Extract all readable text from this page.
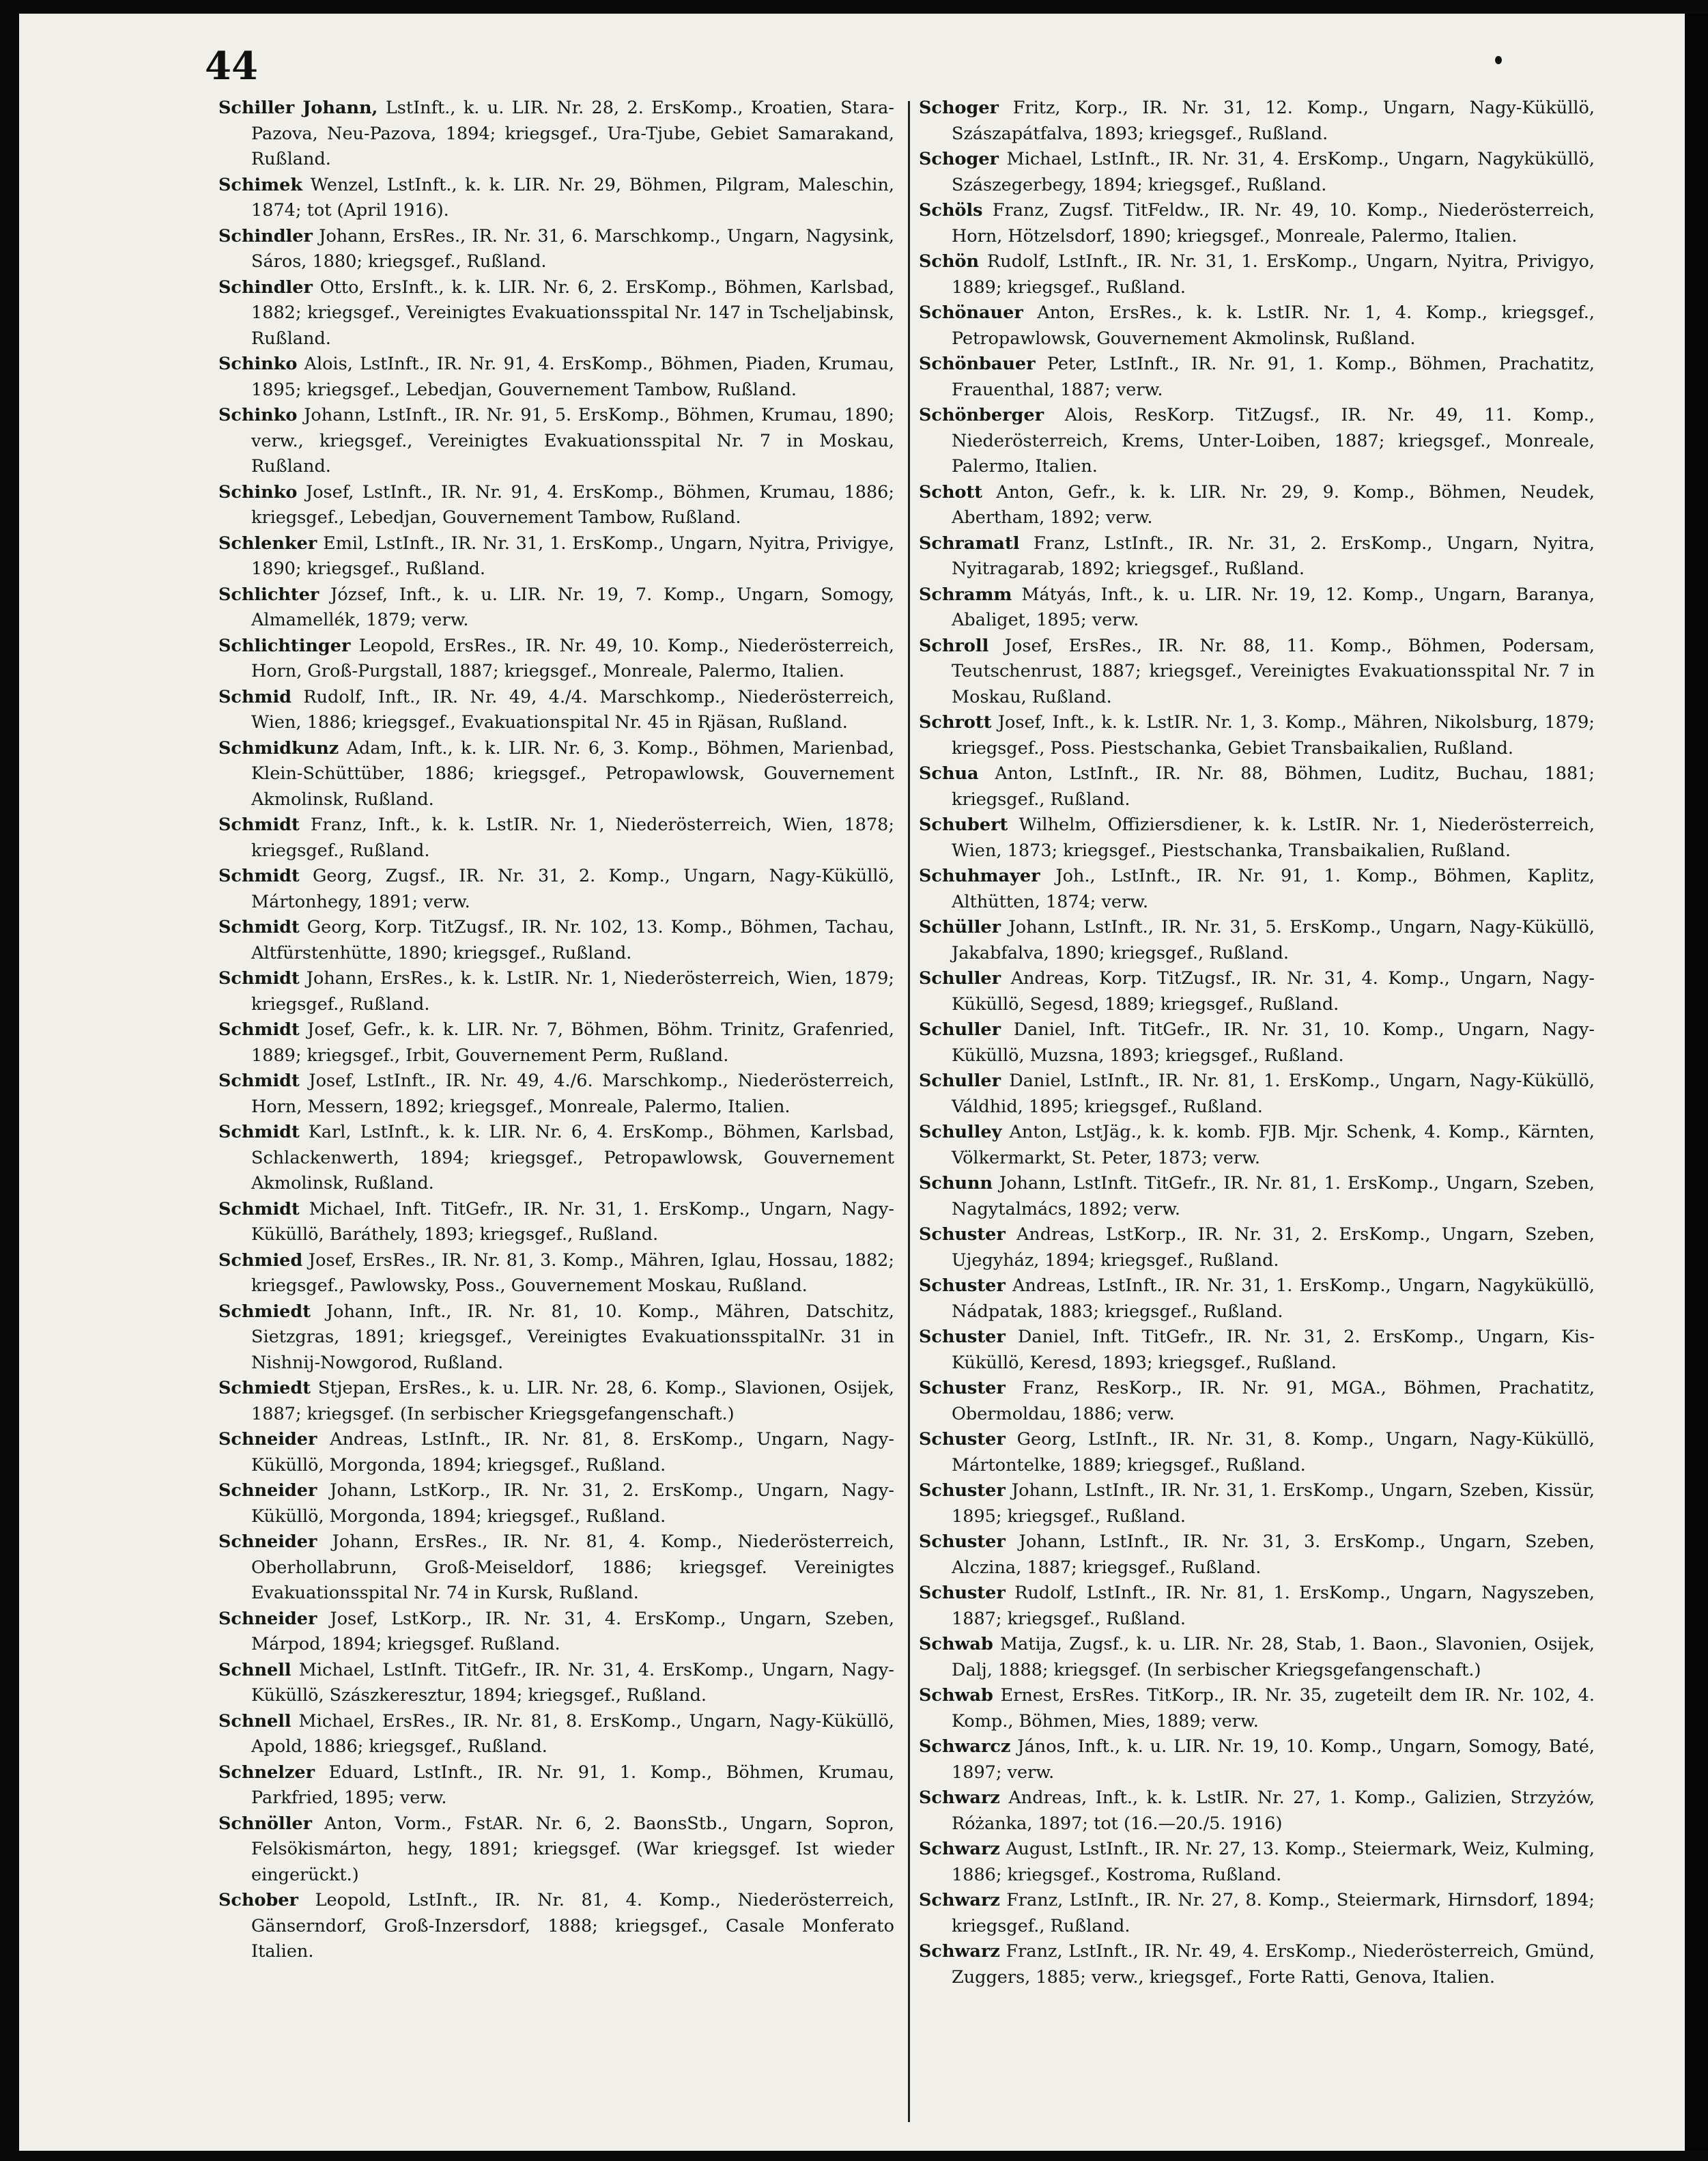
44

Schiller Johann, LstInft., k. u. LIR. Nr. 28, 2. ErsKomp., Kroatien, Stara-Pazova, Neu-Pazova, 1894; kriegsgef., Ura-Tjube, Gebiet Samarakand, Rußland.

Schimek Wenzel, LstInft., k. k. LIR. Nr. 29, Böhmen, Pilgram, Maleschin, 1874; tot (April 1916).

Schindler Johann, ErsRes., IR. Nr. 31, 6. Marschkomp., Ungarn, Nagysink, Sáros, 1880; kriegsgef., Rußland.

Schindler Otto, ErsInft., k. k. LIR. Nr. 6, 2. ErsKomp., Böhmen, Karlsbad, 1882; kriegsgef., Vereinigtes Evakuationsspital Nr. 147 in Tscheljabinsk, Rußland.

Schinko Alois, LstInft., IR. Nr. 91, 4. ErsKomp., Böhmen, Piaden, Krumau, 1895; kriegsgef., Lebedjan, Gouvernement Tambow, Rußland.

Schinko Johann, LstInft., IR. Nr. 91, 5. ErsKomp., Böhmen, Krumau, 1890; verw., kriegsgef., Vereinigtes Evakuationsspital Nr. 7 in Moskau, Rußland.

Schinko Josef, LstInft., IR. Nr. 91, 4. ErsKomp., Böhmen, Krumau, 1886; kriegsgef., Lebedjan, Gouvernement Tambow, Rußland.

Schlenker Emil, LstInft., IR. Nr. 31, 1. ErsKomp., Ungarn, Nyitra, Privigye, 1890; kriegsgef., Rußland.

Schlichter József, Inft., k. u. LIR. Nr. 19, 7. Komp., Ungarn, Somogy, Almamellék, 1879; verw.

Schlichtinger Leopold, ErsRes., IR. Nr. 49, 10. Komp., Niederösterreich, Horn, Groß-Purgstall, 1887; kriegsgef., Monreale, Palermo, Italien.

Schmid Rudolf, Inft., IR. Nr. 49, 4./4. Marschkomp., Niederösterreich, Wien, 1886; kriegsgef., Evakuationspital Nr. 45 in Rjäsan, Rußland.

Schmidkunz Adam, Inft., k. k. LIR. Nr. 6, 3. Komp., Böhmen, Marienbad, Klein-Schüttüber, 1886; kriegsgef., Petropawlowsk, Gouvernement Akmolinsk, Rußland.

Schmidt Franz, Inft., k. k. LstIR. Nr. 1, Niederösterreich, Wien, 1878; kriegsgef., Rußland.

Schmidt Georg, Zugsf., IR. Nr. 31, 2. Komp., Ungarn, Nagy-Küküllö, Mártonhegy, 1891; verw.

Schmidt Georg, Korp. TitZugsf., IR. Nr. 102, 13. Komp., Böhmen, Tachau, Altfürstenhütte, 1890; kriegsgef., Rußland.

Schmidt Johann, ErsRes., k. k. LstIR. Nr. 1, Niederösterreich, Wien, 1879; kriegsgef., Rußland.

Schmidt Josef, Gefr., k. k. LIR. Nr. 7, Böhmen, Böhm. Trinitz, Grafenried, 1889; kriegsgef., Irbit, Gouvernement Perm, Rußland.

Schmidt Josef, LstInft., IR. Nr. 49, 4./6. Marschkomp., Niederösterreich, Horn, Messern, 1892; kriegsgef., Monreale, Palermo, Italien.

Schmidt Karl, LstInft., k. k. LIR. Nr. 6, 4. ErsKomp., Böhmen, Karlsbad, Schlackenwerth, 1894; kriegsgef., Petropawlowsk, Gouvernement Akmolinsk, Rußland.

Schmidt Michael, Inft. TitGefr., IR. Nr. 31, 1. ErsKomp., Ungarn, Nagy-Küküllö, Baráthely, 1893; kriegsgef., Rußland.

Schmied Josef, ErsRes., IR. Nr. 81, 3. Komp., Mähren, Iglau, Hossau, 1882; kriegsgef., Pawlowsky, Poss., Gouvernement Moskau, Rußland.

Schmiedt Johann, Inft., IR. Nr. 81, 10. Komp., Mähren, Datschitz, Sietzgras, 1891; kriegsgef., Vereinigtes EvakuationsspitalNr. 31 in Nishnij-Nowgorod, Rußland.

Schmiedt Stjepan, ErsRes., k. u. LIR. Nr. 28, 6. Komp., Slavionen, Osijek, 1887; kriegsgef. (In serbischer Kriegsgefangenschaft.)

Schneider Andreas, LstInft., IR. Nr. 81, 8. ErsKomp., Ungarn, Nagy-Küküllö, Morgonda, 1894; kriegsgef., Rußland.

Schneider Johann, LstKorp., IR. Nr. 31, 2. ErsKomp., Ungarn, Nagy-Küküllö, Morgonda, 1894; kriegsgef., Rußland.

Schneider Johann, ErsRes., IR. Nr. 81, 4. Komp., Niederösterreich, Oberhollabrunn, Groß-Meiseldorf, 1886; kriegsgef. Vereinigtes Evakuationsspital Nr. 74 in Kursk, Rußland.

Schneider Josef, LstKorp., IR. Nr. 31, 4. ErsKomp., Ungarn, Szeben, Márpod, 1894; kriegsgef. Rußland.

Schnell Michael, LstInft. TitGefr., IR. Nr. 31, 4. ErsKomp., Ungarn, Nagy-Küküllö, Szászkeresztur, 1894; kriegsgef., Rußland.

Schnell Michael, ErsRes., IR. Nr. 81, 8. ErsKomp., Ungarn, Nagy-Küküllö, Apold, 1886; kriegsgef., Rußland.

Schnelzer Eduard, LstInft., IR. Nr. 91, 1. Komp., Böhmen, Krumau, Parkfried, 1895; verw.

Schnöller Anton, Vorm., FstAR. Nr. 6, 2. BaonsStb., Ungarn, Sopron, Felsökismárton, hegy, 1891; kriegsgef. (War kriegsgef. Ist wieder eingerückt.)

Schober Leopold, LstInft., IR. Nr. 81, 4. Komp., Niederösterreich, Gänserndorf, Groß-Inzersdorf, 1888; kriegsgef., Casale Monferato Italien.

Schoger Fritz, Korp., IR. Nr. 31, 12. Komp., Ungarn, Nagy-Küküllö, Szászapátfalva, 1893; kriegsgef., Rußland.

Schoger Michael, LstInft., IR. Nr. 31, 4. ErsKomp., Ungarn, Nagyküküllö, Szászegerbegy, 1894; kriegsgef., Rußland.

Schöls Franz, Zugsf. TitFeldw., IR. Nr. 49, 10. Komp., Niederösterreich, Horn, Hötzelsdorf, 1890; kriegsgef., Monreale, Palermo, Italien.

Schön Rudolf, LstInft., IR. Nr. 31, 1. ErsKomp., Ungarn, Nyitra, Privigyo, 1889; kriegsgef., Rußland.

Schönauer Anton, ErsRes., k. k. LstIR. Nr. 1, 4. Komp., kriegsgef., Petropawlowsk, Gouvernement Akmolinsk, Rußland.

Schönbauer Peter, LstInft., IR. Nr. 91, 1. Komp., Böhmen, Prachatitz, Frauenthal, 1887; verw.

Schönberger Alois, ResKorp. TitZugsf., IR. Nr. 49, 11. Komp., Niederösterreich, Krems, Unter-Loiben, 1887; kriegsgef., Monreale, Palermo, Italien.

Schott Anton, Gefr., k. k. LIR. Nr. 29, 9. Komp., Böhmen, Neudek, Abertham, 1892; verw.

Schramatl Franz, LstInft., IR. Nr. 31, 2. ErsKomp., Ungarn, Nyitra, Nyitragarab, 1892; kriegsgef., Rußland.

Schramm Mátyás, Inft., k. u. LIR. Nr. 19, 12. Komp., Ungarn, Baranya, Abaliget, 1895; verw.

Schroll Josef, ErsRes., IR. Nr. 88, 11. Komp., Böhmen, Podersam, Teutschenrust, 1887; kriegsgef., Vereinigtes Evakuationsspital Nr. 7 in Moskau, Rußland.

Schrott Josef, Inft., k. k. LstIR. Nr. 1, 3. Komp., Mähren, Nikolsburg, 1879; kriegsgef., Poss. Piestschanka, Gebiet Transbaikalien, Rußland.

Schua Anton, LstInft., IR. Nr. 88, Böhmen, Luditz, Buchau, 1881; kriegsgef., Rußland.

Schubert Wilhelm, Offiziersdiener, k. k. LstIR. Nr. 1, Niederösterreich, Wien, 1873; kriegsgef., Piestschanka, Transbaikalien, Rußland.

Schuhmayer Joh., LstInft., IR. Nr. 91, 1. Komp., Böhmen, Kaplitz, Althütten, 1874; verw.

Schüller Johann, LstInft., IR. Nr. 31, 5. ErsKomp., Ungarn, Nagy-Küküllö, Jakabfalva, 1890; kriegsgef., Rußland.

Schuller Andreas, Korp. TitZugsf., IR. Nr. 31, 4. Komp., Ungarn, Nagy-Küküllö, Segesd, 1889; kriegsgef., Rußland.

Schuller Daniel, Inft. TitGefr., IR. Nr. 31, 10. Komp., Ungarn, Nagy-Küküllö, Muzsna, 1893; kriegsgef., Rußland.

Schuller Daniel, LstInft., IR. Nr. 81, 1. ErsKomp., Ungarn, Nagy-Küküllö, Váldhid, 1895; kriegsgef., Rußland.

Schulley Anton, LstJäg., k. k. komb. FJB. Mjr. Schenk, 4. Komp., Kärnten, Völkermarkt, St. Peter, 1873; verw.

Schunn Johann, LstInft. TitGefr., IR. Nr. 81, 1. ErsKomp., Ungarn, Szeben, Nagytalmács, 1892; verw.

Schuster Andreas, LstKorp., IR. Nr. 31, 2. ErsKomp., Ungarn, Szeben, Ujegyház, 1894; kriegsgef., Rußland.

Schuster Andreas, LstInft., IR. Nr. 31, 1. ErsKomp., Ungarn, Nagyküküllö, Nádpatak, 1883; kriegsgef., Rußland.

Schuster Daniel, Inft. TitGefr., IR. Nr. 31, 2. ErsKomp., Ungarn, Kis-Küküllö, Keresd, 1893; kriegsgef., Rußland.

Schuster Franz, ResKorp., IR. Nr. 91, MGA., Böhmen, Prachatitz, Obermoldau, 1886; verw.

Schuster Georg, LstInft., IR. Nr. 31, 8. Komp., Ungarn, Nagy-Küküllö, Mártontelke, 1889; kriegsgef., Rußland.

Schuster Johann, LstInft., IR. Nr. 31, 1. ErsKomp., Ungarn, Szeben, Kissür, 1895; kriegsgef., Rußland.

Schuster Johann, LstInft., IR. Nr. 31, 3. ErsKomp., Ungarn, Szeben, Alczina, 1887; kriegsgef., Rußland.

Schuster Rudolf, LstInft., IR. Nr. 81, 1. ErsKomp., Ungarn, Nagyszeben, 1887; kriegsgef., Rußland.

Schwab Matija, Zugsf., k. u. LIR. Nr. 28, Stab, 1. Baon., Slavonien, Osijek, Dalj, 1888; kriegsgef. (In serbischer Kriegsgefangenschaft.)

Schwab Ernest, ErsRes. TitKorp., IR. Nr. 35, zugeteilt dem IR. Nr. 102, 4. Komp., Böhmen, Mies, 1889; verw.

Schwarcz János, Inft., k. u. LIR. Nr. 19, 10. Komp., Ungarn, Somogy, Baté, 1897; verw.

Schwarz Andreas, Inft., k. k. LstIR. Nr. 27, 1. Komp., Galizien, Strzyżów, Różanka, 1897; tot (16.—20./5. 1916)

Schwarz August, LstInft., IR. Nr. 27, 13. Komp., Steiermark, Weiz, Kulming, 1886; kriegsgef., Kostroma, Rußland.

Schwarz Franz, LstInft., IR. Nr. 27, 8. Komp., Steiermark, Hirnsdorf, 1894; kriegsgef., Rußland.

Schwarz Franz, LstInft., IR. Nr. 49, 4. ErsKomp., Niederösterreich, Gmünd, Zuggers, 1885; verw., kriegsgef., Forte Ratti, Genova, Italien.
